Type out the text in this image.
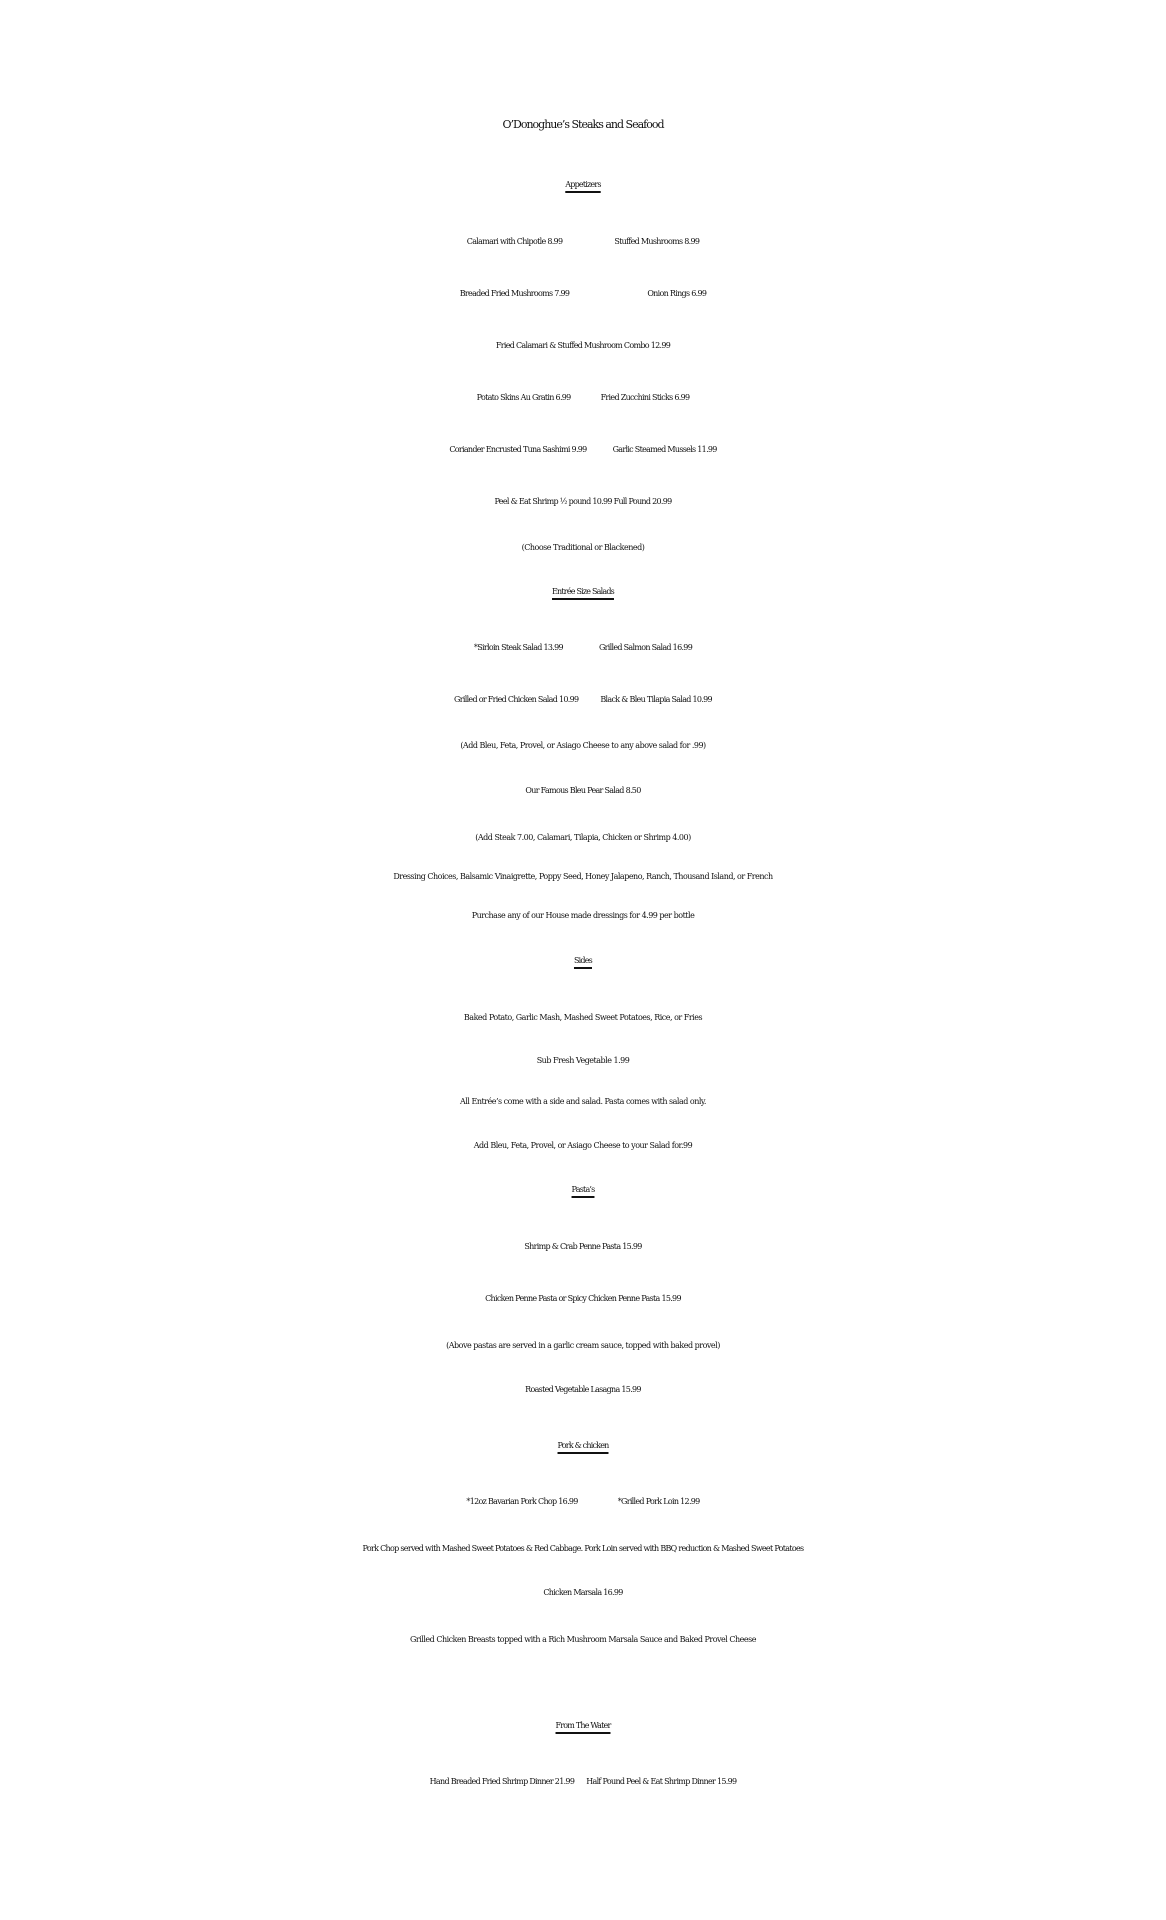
O’Donoghue’s Steaks and Seafood
Appetizers
Calamari with Chipotle 8.99	Stuffed Mushrooms 8.99
Breaded Fried Mushrooms 7.99	Onion Rings 6.99
Fried Calamari & Stuffed Mushroom Combo 12.99
Potato Skins Au Gratin 6.99	Fried Zucchini Sticks 6.99
Coriander Encrusted Tuna Sashimi 9.99	Garlic Steamed Mussels 11.99
Peel & Eat Shrimp ½ pound 10.99 Full Pound 20.99
(Choose Traditional or Blackened)
Entrée Size Salads
*Sirloin Steak Salad 13.99	Grilled Salmon Salad 16.99
Grilled or Fried Chicken Salad 10.99	Black & Bleu Tilapia Salad 10.99
(Add Bleu, Feta, Provel, or Asiago Cheese to any above salad for .99)
Our Famous Bleu Pear Salad 8.50
(Add Steak 7.00, Calamari, Tilapia, Chicken or Shrimp 4.00)
Dressing Choices, Balsamic Vinaigrette, Poppy Seed, Honey Jalapeno, Ranch, Thousand Island, or French
Purchase any of our House made dressings for 4.99 per bottle
Sides
Baked Potato, Garlic Mash, Mashed Sweet Potatoes, Rice, or Fries
Sub Fresh Vegetable 1.99
All Entrée’s come with a side and salad. Pasta comes with salad only.
Add Bleu, Feta, Provel, or Asiago Cheese to your Salad for.99
Pasta’s
Shrimp & Crab Penne Pasta 15.99
Chicken Penne Pasta or Spicy Chicken Penne Pasta 15.99
(Above pastas are served in a garlic cream sauce, topped with baked provel)
Roasted Vegetable Lasagna 15.99
Pork & chicken
*12oz Bavarian Pork Chop 16.99	*Grilled Pork Loin 12.99
Pork Chop served with Mashed Sweet Potatoes & Red Cabbage. Pork Loin served with BBQ reduction & Mashed Sweet Potatoes
Chicken Marsala 16.99
Grilled Chicken Breasts topped with a Rich Mushroom Marsala Sauce and Baked Provel Cheese
From The Water
Hand Breaded Fried Shrimp Dinner 21.99 Half Pound Peel & Eat Shrimp Dinner 15.99
